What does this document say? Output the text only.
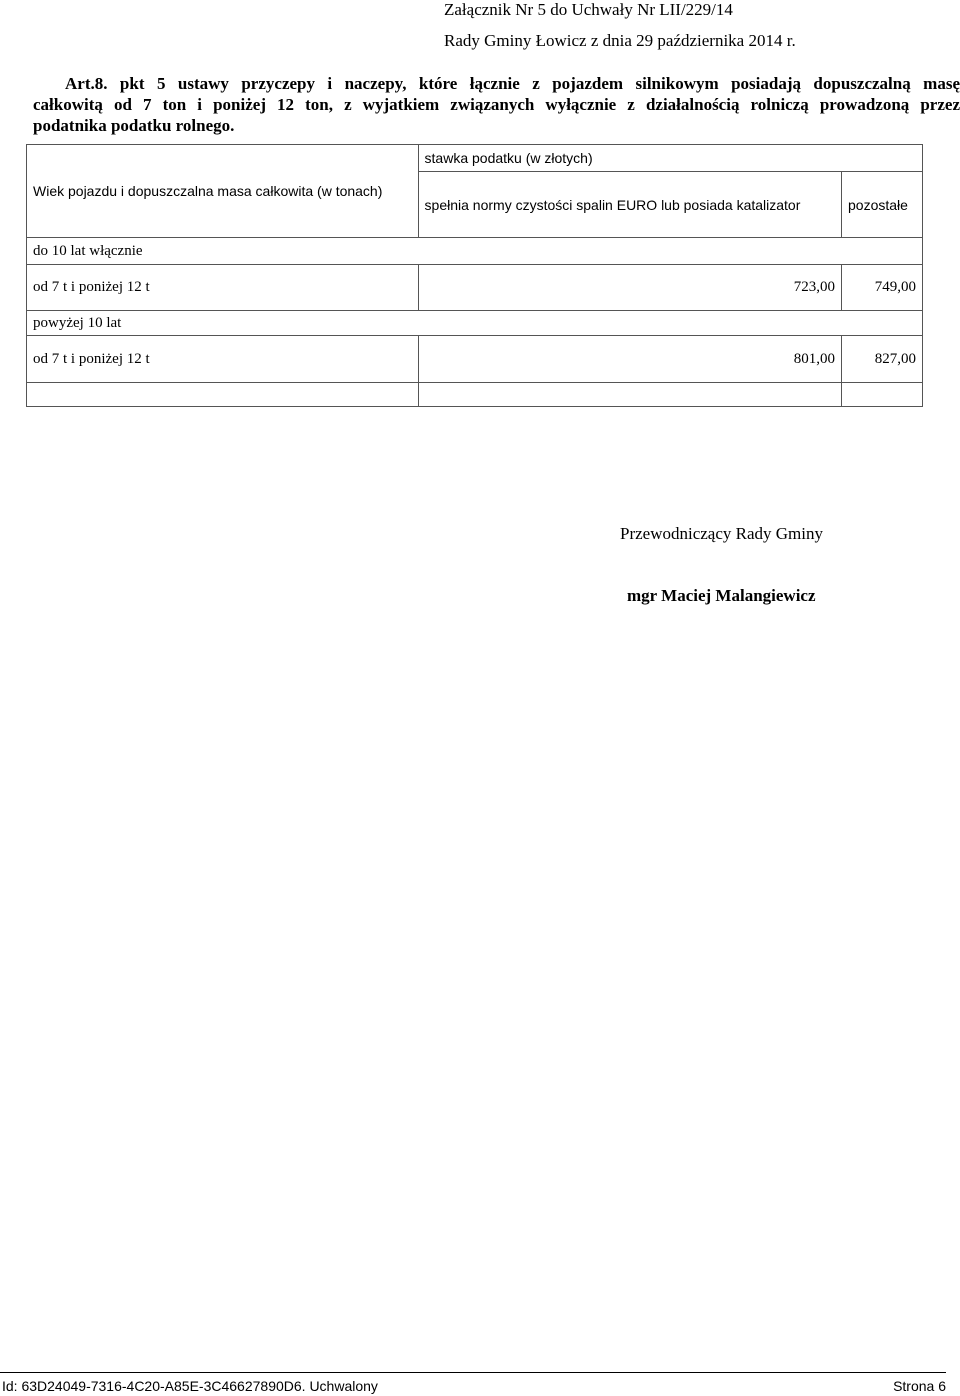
Załącznik Nr 5 do Uchwały Nr LII/229/14
Rady Gminy Łowicz z dnia 29 października 2014 r.
Art.8. pkt 5 ustawy przyczepy i naczepy, które łącznie z pojazdem silnikowym posiadają dopuszczalną masę
całkowitą od 7 ton i poniżej 12 ton, z wyjatkiem związanych wyłącznie z działalnością rolniczą prowadzoną przez
podatnika podatku rolnego.
Wiek pojazdu i dopuszczalna masa całkowita (w tonach)	stawka podatku (w złotych)	
	spełnia normy czystości spalin EURO lub posiada katalizator	pozostałe
do 10 lat włącznie		
od 7 t i poniżej 12 t	723,00	749,00
powyżej 10 lat		
od 7 t i poniżej 12 t	801,00	827,00

Przewodniczący Rady Gminy
mgr Maciej Malangiewicz
Id: 63D24049-7316-4C20-A85E-3C46627890D6. Uchwalony	Strona 6
